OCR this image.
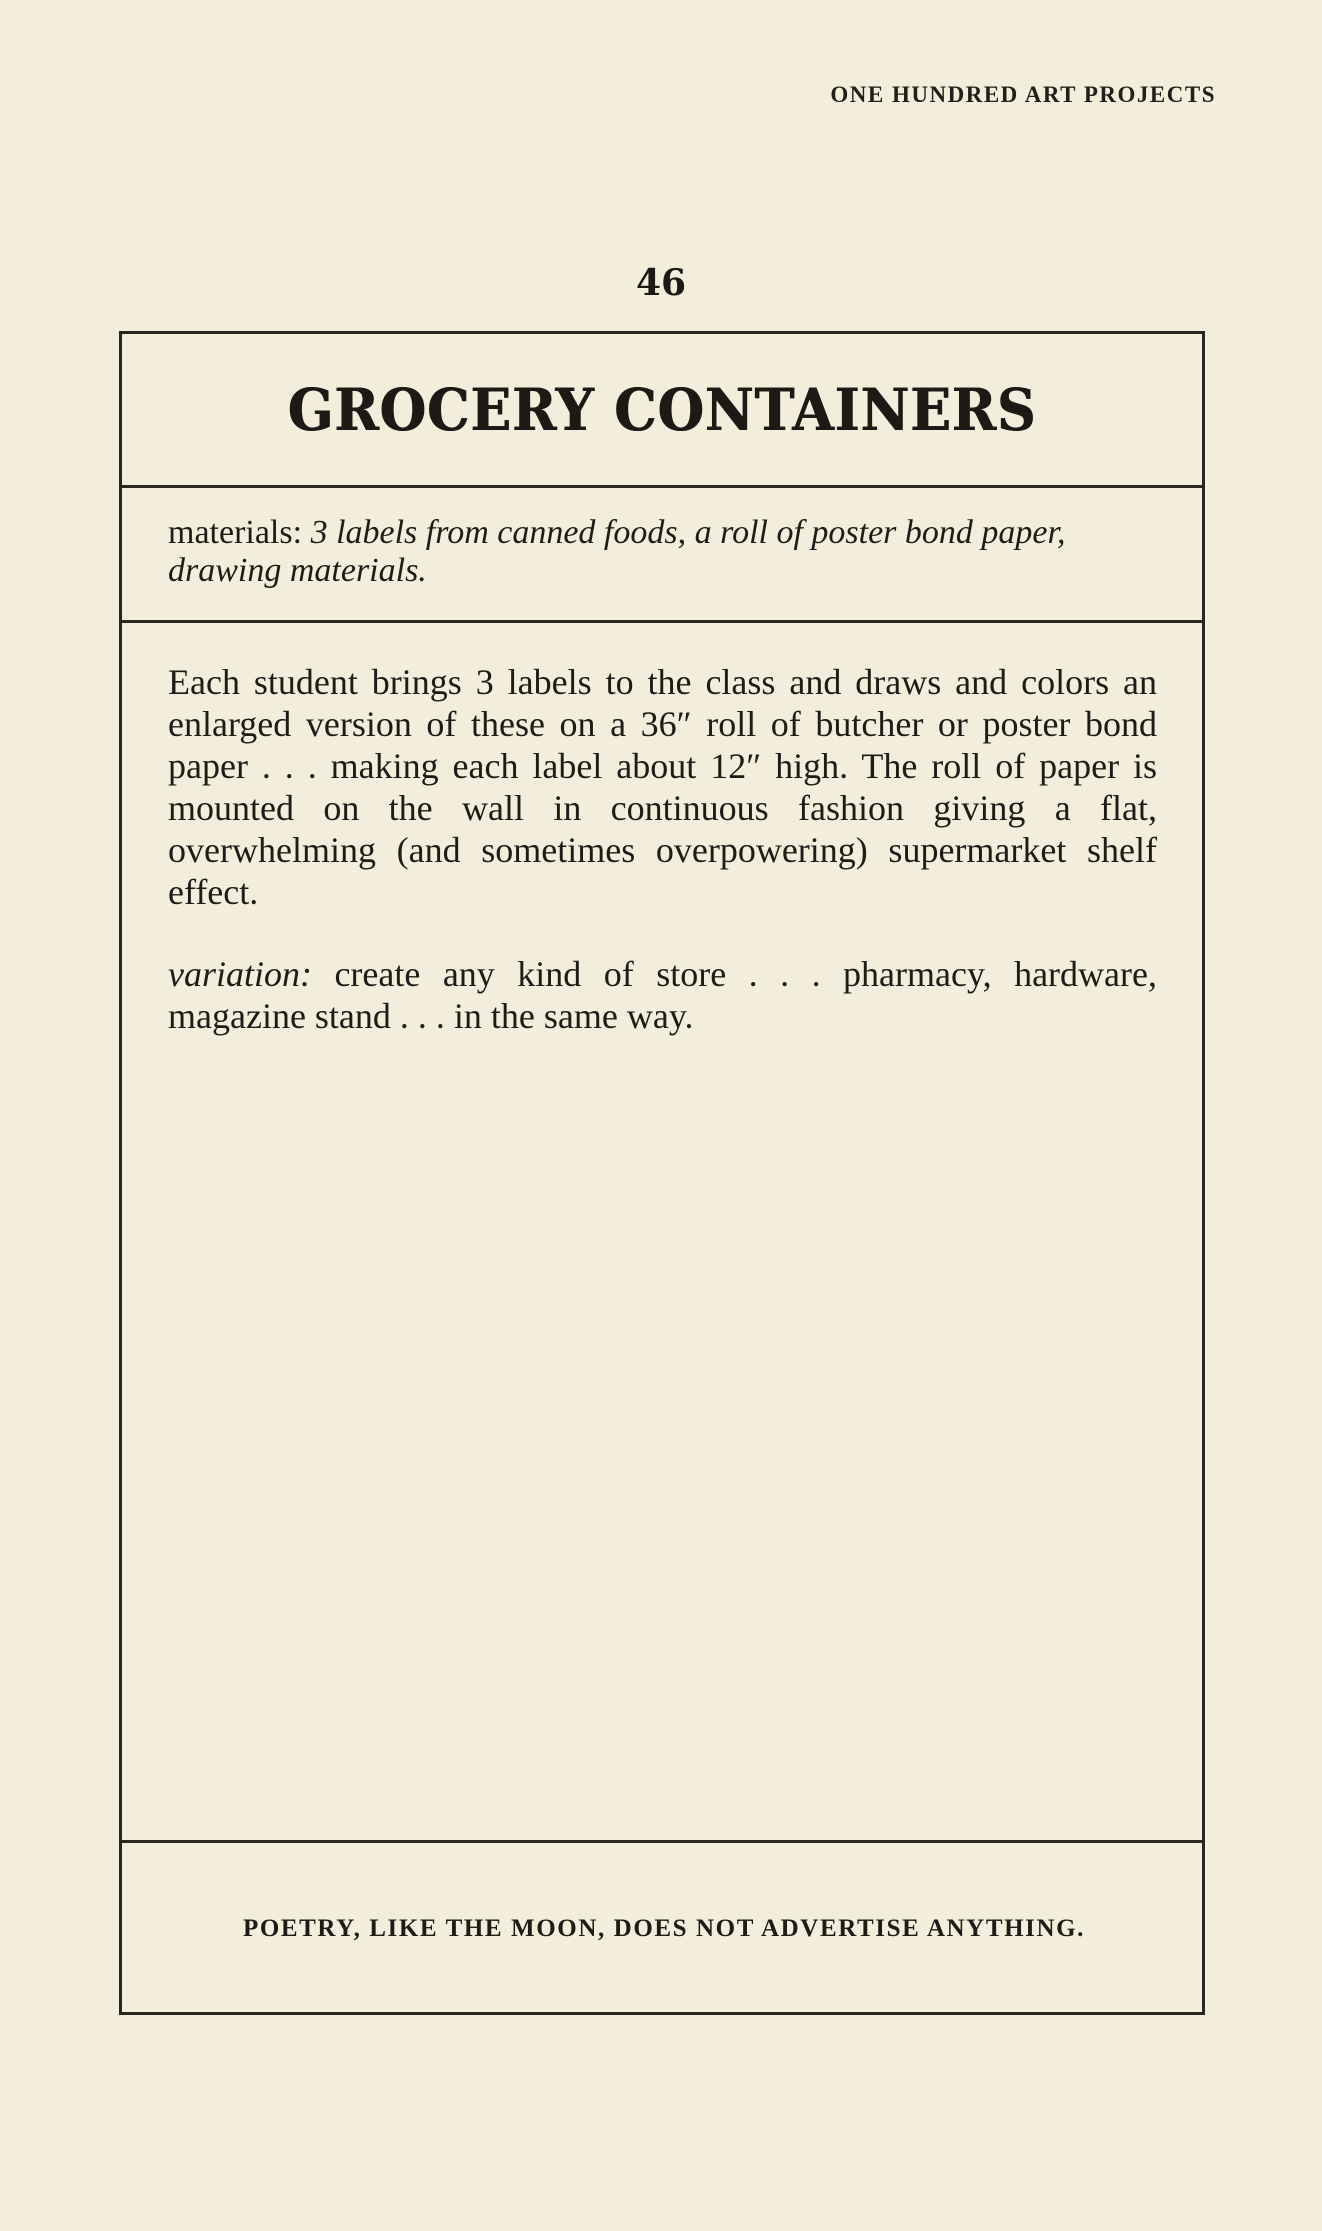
ONE HUNDRED ART PROJECTS
46
GROCERY CONTAINERS
materials: 3 labels from canned foods, a roll of poster bond paper, drawing materials.

Each student brings 3 labels to the class and draws and colors an enlarged version of these on a 36″ roll of butcher or poster bond paper . . . making each label about 12″ high. The roll of paper is mounted on the wall in continuous fashion giving a flat, overwhelming (and sometimes overpowering) supermarket shelf effect.

variation: create any kind of store . . . pharmacy, hardware, magazine stand . . . in the same way.

POETRY, LIKE THE MOON, DOES NOT ADVERTISE ANYTHING.
